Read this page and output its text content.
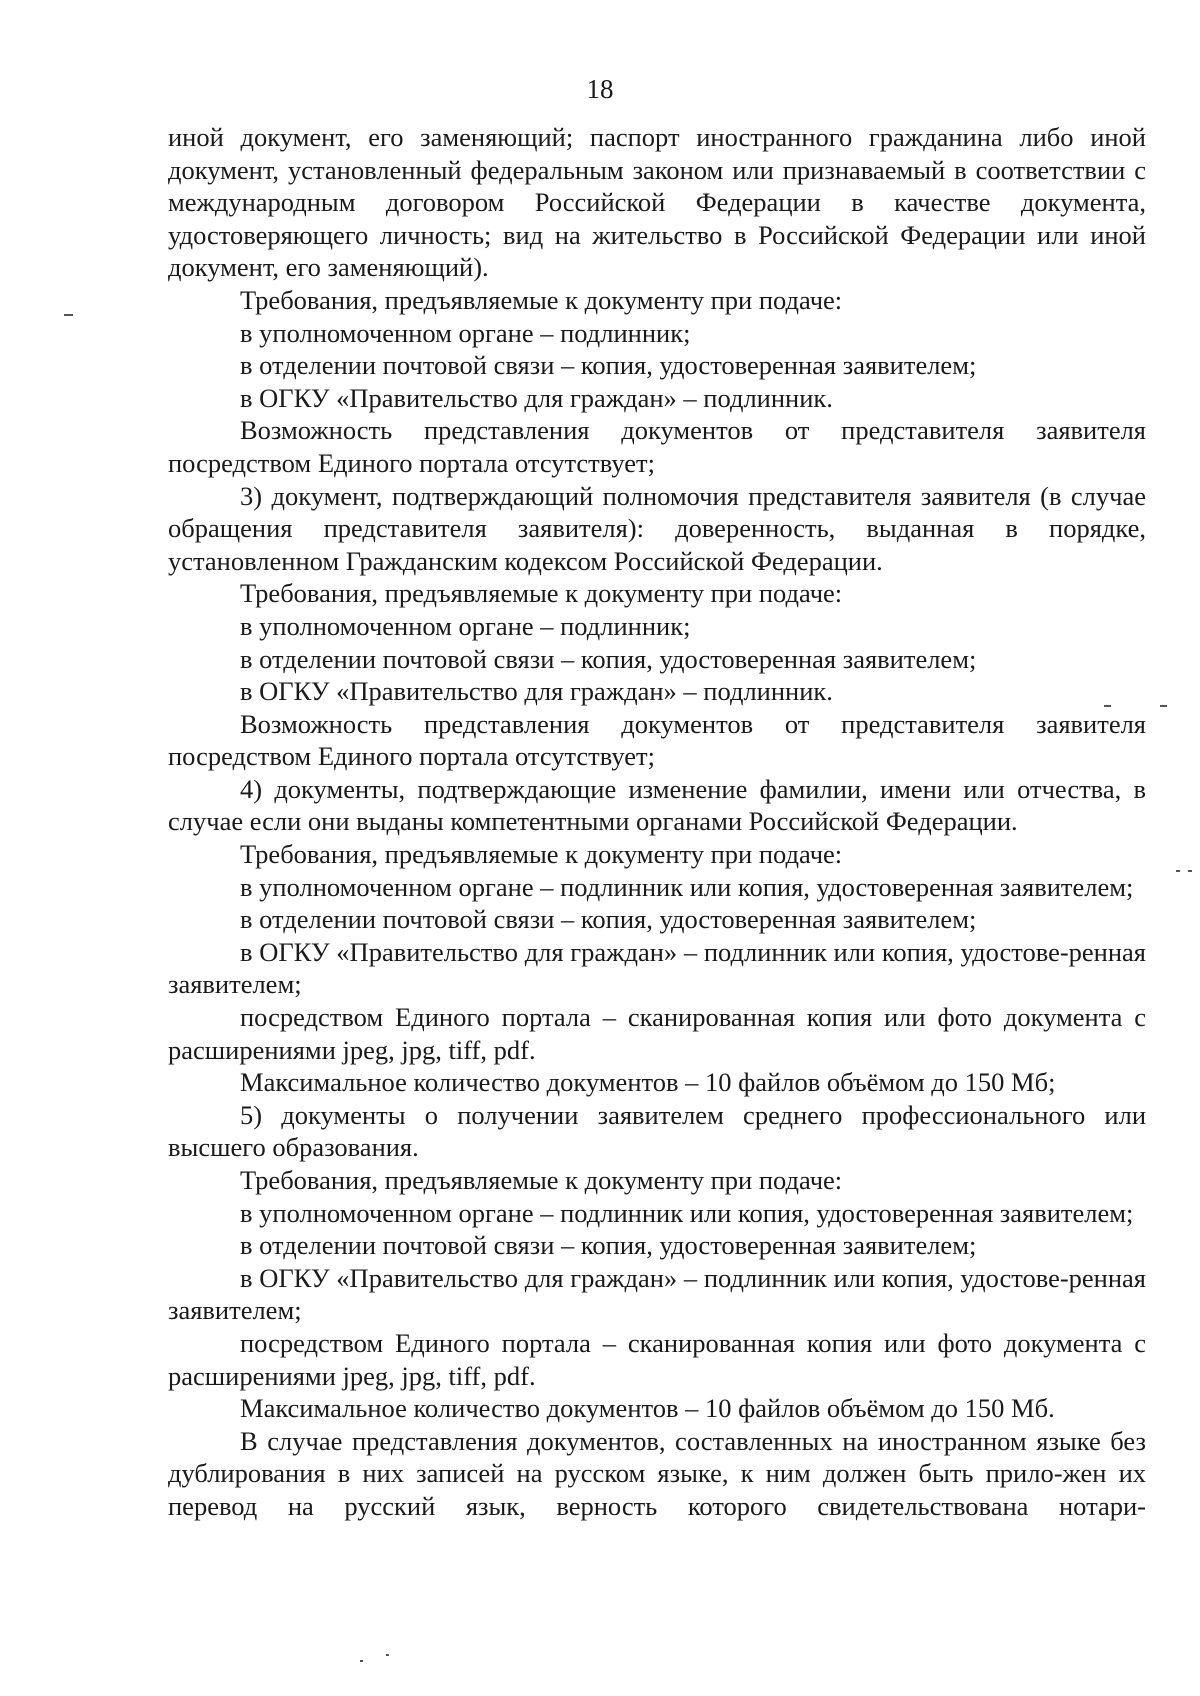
18

иной документ, его заменяющий; паспорт иностранного гражданина либо иной документ, установленный федеральным законом или признаваемый в соответствии с международным договором Российской Федерации в качестве документа, удостоверяющего личность; вид на жительство в Российской Федерации или иной документ, его заменяющий).

Требования, предъявляемые к документу при подаче:

в уполномоченном органе – подлинник;

в отделении почтовой связи – копия, удостоверенная заявителем;

в ОГКУ «Правительство для граждан» – подлинник.

Возможность представления документов от представителя заявителя посредством Единого портала отсутствует;

3) документ, подтверждающий полномочия представителя заявителя (в случае обращения представителя заявителя): доверенность, выданная в порядке, установленном Гражданским кодексом Российской Федерации.

Требования, предъявляемые к документу при подаче:

в уполномоченном органе – подлинник;

в отделении почтовой связи – копия, удостоверенная заявителем;

в ОГКУ «Правительство для граждан» – подлинник.

Возможность представления документов от представителя заявителя посредством Единого портала отсутствует;

4) документы, подтверждающие изменение фамилии, имени или отчества, в случае если они выданы компетентными органами Российской Федерации.

Требования, предъявляемые к документу при подаче:

в уполномоченном органе – подлинник или копия, удостоверенная заявителем;

в отделении почтовой связи – копия, удостоверенная заявителем;

в ОГКУ «Правительство для граждан» – подлинник или копия, удостове-ренная заявителем;

посредством Единого портала – сканированная копия или фото документа с расширениями jpeg, jpg, tiff, pdf.

Максимальное количество документов – 10 файлов объёмом до 150 Мб;

5) документы о получении заявителем среднего профессионального или высшего образования.

Требования, предъявляемые к документу при подаче:

в уполномоченном органе – подлинник или копия, удостоверенная заявителем;

в отделении почтовой связи – копия, удостоверенная заявителем;

в ОГКУ «Правительство для граждан» – подлинник или копия, удостове-ренная заявителем;

посредством Единого портала – сканированная копия или фото документа с расширениями jpeg, jpg, tiff, pdf.

Максимальное количество документов – 10 файлов объёмом до 150 Мб.

В случае представления документов, составленных на иностранном языке без дублирования в них записей на русском языке, к ним должен быть прило-жен их перевод на русский язык, верность которого свидетельствована нотари-
